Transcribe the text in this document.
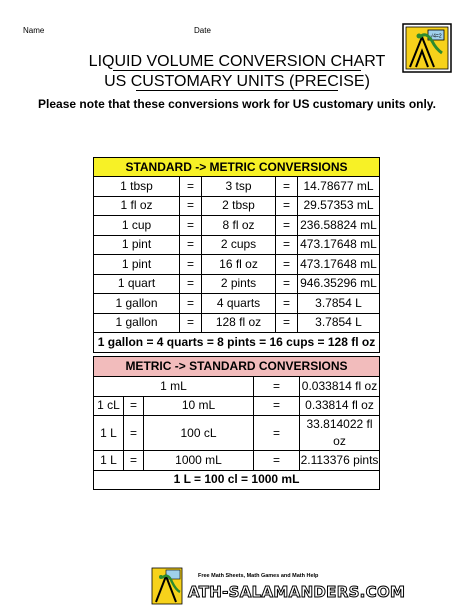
Name	Date
√4=2
LIQUID VOLUME CONVERSION CHART
US CUSTOMARY UNITS (PRECISE)
Please note that these conversions work for US customary units only.
STANDARD -> METRIC CONVERSIONS				
1 tbsp	=	3 tsp	=	14.78677 mL
1 fl oz	=	2 tbsp	=	29.57353 mL
1 cup	=	8 fl oz	=	236.58824 mL
1 pint	=	2 cups	=	473.17648 mL
1 pint	=	16 fl oz	=	473.17648 mL
1 quart	=	2 pints	=	946.35296 mL
1 gallon	=	4 quarts	=	3.7854 L
1 gallon	=	128 fl oz	=	3.7854 L
1 gallon = 4 quarts = 8 pints = 16 cups = 128 fl oz				
METRIC -> STANDARD CONVERSIONS				
1 mL			=	0.033814 fl oz
1 cL	=	10 mL	=	0.33814 fl oz
1 L	=	100 cL	=	33.814022 fl oz
1 L	=	1000 mL	=	2.113376 pints
1 L = 100 cl = 1000 mL				
Free Math Sheets, Math Games and Math Help
ATH-SALAMANDERS.COM
